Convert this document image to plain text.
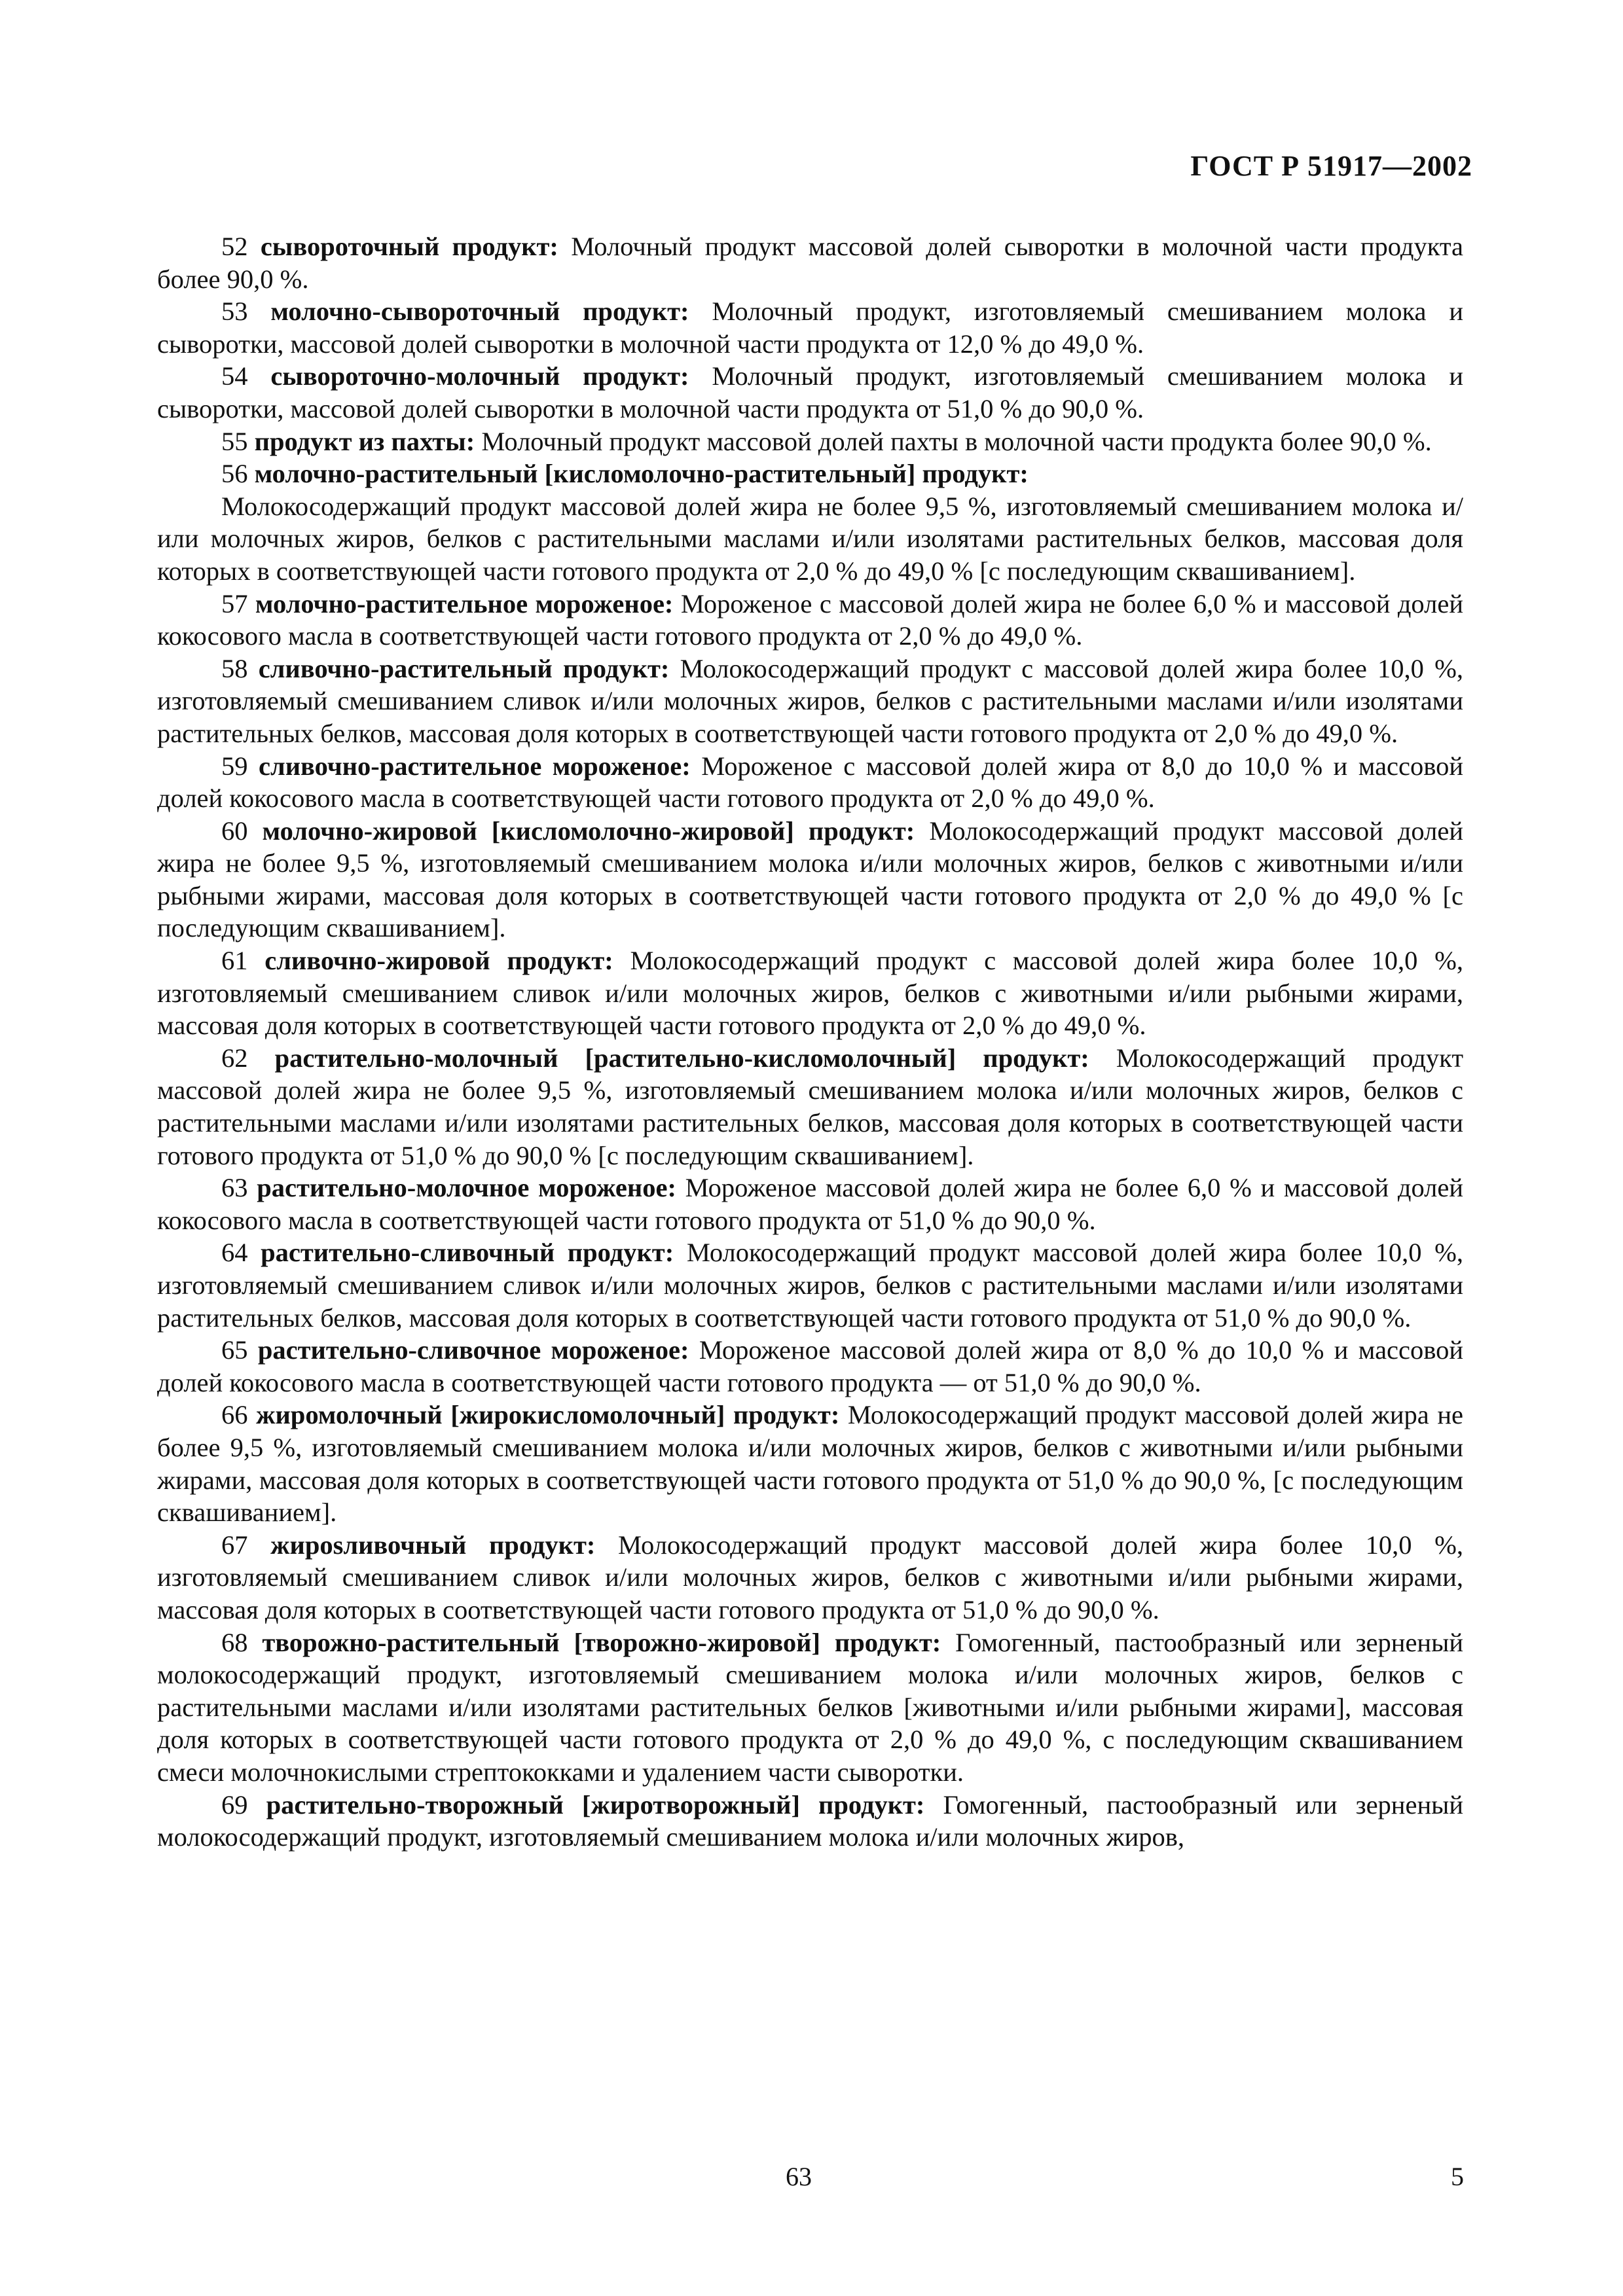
ГОСТ Р 51917—2002

52 сывороточный продукт: Молочный продукт массовой долей сыворотки в молочной части продукта более 90,0 %.

53 молочно-сывороточный продукт: Молочный продукт, изготовляемый смешиванием молока и сыворотки, массовой долей сыворотки в молочной части продукта от 12,0 % до 49,0 %.

54 сывороточно-молочный продукт: Молочный продукт, изготовляемый смешиванием молока и сыворотки, массовой долей сыворотки в молочной части продукта от 51,0 % до 90,0 %.

55 продукт из пахты: Молочный продукт массовой долей пахты в молочной части продукта более 90,0 %.

56 молочно-растительный [кисломолочно-растительный] продукт:

Молокосодержащий продукт массовой долей жира не более 9,5 %, изготовляемый смешиванием молока и/или молочных жиров, белков с растительными маслами и/или изолятами растительных белков, массовая доля которых в соответствующей части готового продукта от 2,0 % до 49,0 % [с последующим сквашиванием].

57 молочно-растительное мороженое: Мороженое с массовой долей жира не более 6,0 % и массовой долей кокосового масла в соответствующей части готового продукта от 2,0 % до 49,0 %.

58 сливочно-растительный продукт: Молокосодержащий продукт с массовой долей жира более 10,0 %, изготовляемый смешиванием сливок и/или молочных жиров, белков с растительными маслами и/или изолятами растительных белков, массовая доля которых в соответствующей части готового продукта от 2,0 % до 49,0 %.

59 сливочно-растительное мороженое: Мороженое с массовой долей жира от 8,0 до 10,0 % и массовой долей кокосового масла в соответствующей части готового продукта от 2,0 % до 49,0 %.

60 молочно-жировой [кисломолочно-жировой] продукт: Молокосодержащий продукт массовой долей жира не более 9,5 %, изготовляемый смешиванием молока и/или молочных жиров, белков с животными и/или рыбными жирами, массовая доля которых в соответствующей части готового продукта от 2,0 % до 49,0 % [с последующим сквашиванием].

61 сливочно-жировой продукт: Молокосодержащий продукт с массовой долей жира более 10,0 %, изготовляемый смешиванием сливок и/или молочных жиров, белков с животными и/или рыбными жирами, массовая доля которых в соответствующей части готового продукта от 2,0 % до 49,0 %.

62 растительно-молочный [растительно-кисломолочный] продукт: Молокосодержащий продукт массовой долей жира не более 9,5 %, изготовляемый смешиванием молока и/или молочных жиров, белков с растительными маслами и/или изолятами растительных белков, массовая доля которых в соответствующей части готового продукта от 51,0 % до 90,0 % [с последующим сквашиванием].

63 растительно-молочное мороженое: Мороженое массовой долей жира не более 6,0 % и массовой долей кокосового масла в соответствующей части готового продукта от 51,0 % до 90,0 %.

64 растительно-сливочный продукт: Молокосодержащий продукт массовой долей жира более 10,0 %, изготовляемый смешиванием сливок и/или молочных жиров, белков с растительными маслами и/или изолятами растительных белков, массовая доля которых в соответствующей части готового продукта от 51,0 % до 90,0 %.

65 растительно-сливочное мороженое: Мороженое массовой долей жира от 8,0 % до 10,0 % и массовой долей кокосового масла в соответствующей части готового продукта — от 51,0 % до 90,0 %.

66 жиромолочный [жирокисломолочный] продукт: Молокосодержащий продукт массовой долей жира не более 9,5 %, изготовляемый смешиванием молока и/или молочных жиров, белков с животными и/или рыбными жирами, массовая доля которых в соответствующей части готового продукта от 51,0 % до 90,0 %, [с последующим сквашиванием].

67 жирosливочный продукт: Молокосодержащий продукт массовой долей жира более 10,0 %, изготовляемый смешиванием сливок и/или молочных жиров, белков с животными и/или рыбными жирами, массовая доля которых в соответствующей части готового продукта от 51,0 % до 90,0 %.

68 творожно-растительный [творожно-жировой] продукт: Гомогенный, пастообразный или зерненый молокосодержащий продукт, изготовляемый смешиванием молока и/или молочных жиров, белков с растительными маслами и/или изолятами растительных белков [животными и/или рыбными жирами], массовая доля которых в соответствующей части готового продукта от 2,0 % до 49,0 %, с последующим сквашиванием смеси молочнокислыми стрептококками и удалением части сыворотки.

69 растительно-творожный [жиротворожный] продукт: Гомогенный, пастообразный или зерненый молокосодержащий продукт, изготовляемый смешиванием молока и/или молочных жиров,

63	5
